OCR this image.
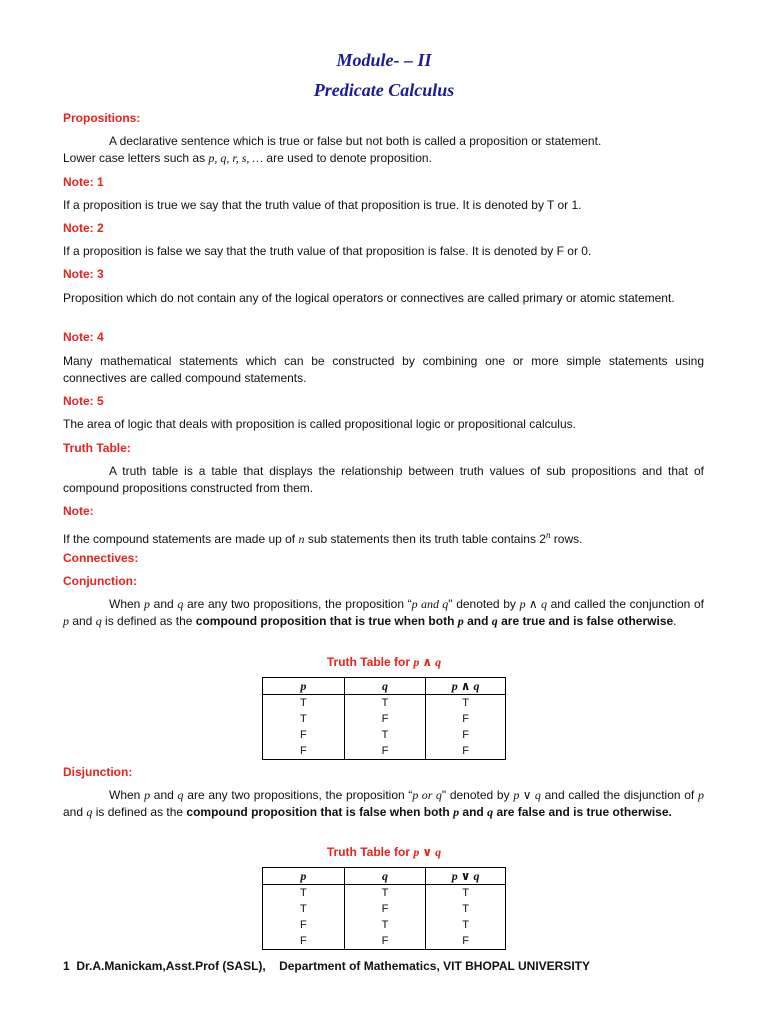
Module- – II
Predicate Calculus
Propositions:
A declarative sentence which is true or false but not both is called a proposition or statement.
Lower case letters such as p, q, r, s, … are used to denote proposition.
Note: 1
If a proposition is true we say that the truth value of that proposition is true. It is denoted by T or 1.
Note: 2
If a proposition is false we say that the truth value of that proposition is false. It is denoted by F or 0.
Note: 3
Proposition which do not contain any of the logical operators or connectives are called primary or atomic statement.
Note: 4
Many mathematical statements which can be constructed by combining one or more simple statements using connectives are called compound statements.
Note: 5
The area of logic that deals with proposition is called propositional logic or propositional calculus.
Truth Table:
A truth table is a table that displays the relationship between truth values of sub propositions and that of compound propositions constructed from them.
Note:
If the compound statements are made up of n sub statements then its truth table contains 2$^n$ rows.
Connectives:
Conjunction:
When p and q are any two propositions, the proposition “p and q" denoted by p ∧ q and called the conjunction of p and q is defined as the compound proposition that is true when both p and q are true and is false otherwise.
Truth Table for p ∧ q
p	q	p ∧ q
T	T	T
T	F	F
F	T	F
F	F	F
Disjunction:
When p and q are any two propositions, the proposition “p or q" denoted by p ∨ q and called the disjunction of p and q is defined as the compound proposition that is false when both p and q are false and is true otherwise.
Truth Table for p ∨ q
p	q	p ∨ q
T	T	T
T	F	T
F	T	T
F	F	F
1 Dr.A.Manickam,Asst.Prof (SASL), Department of Mathematics, VIT BHOPAL UNIVERSITY
